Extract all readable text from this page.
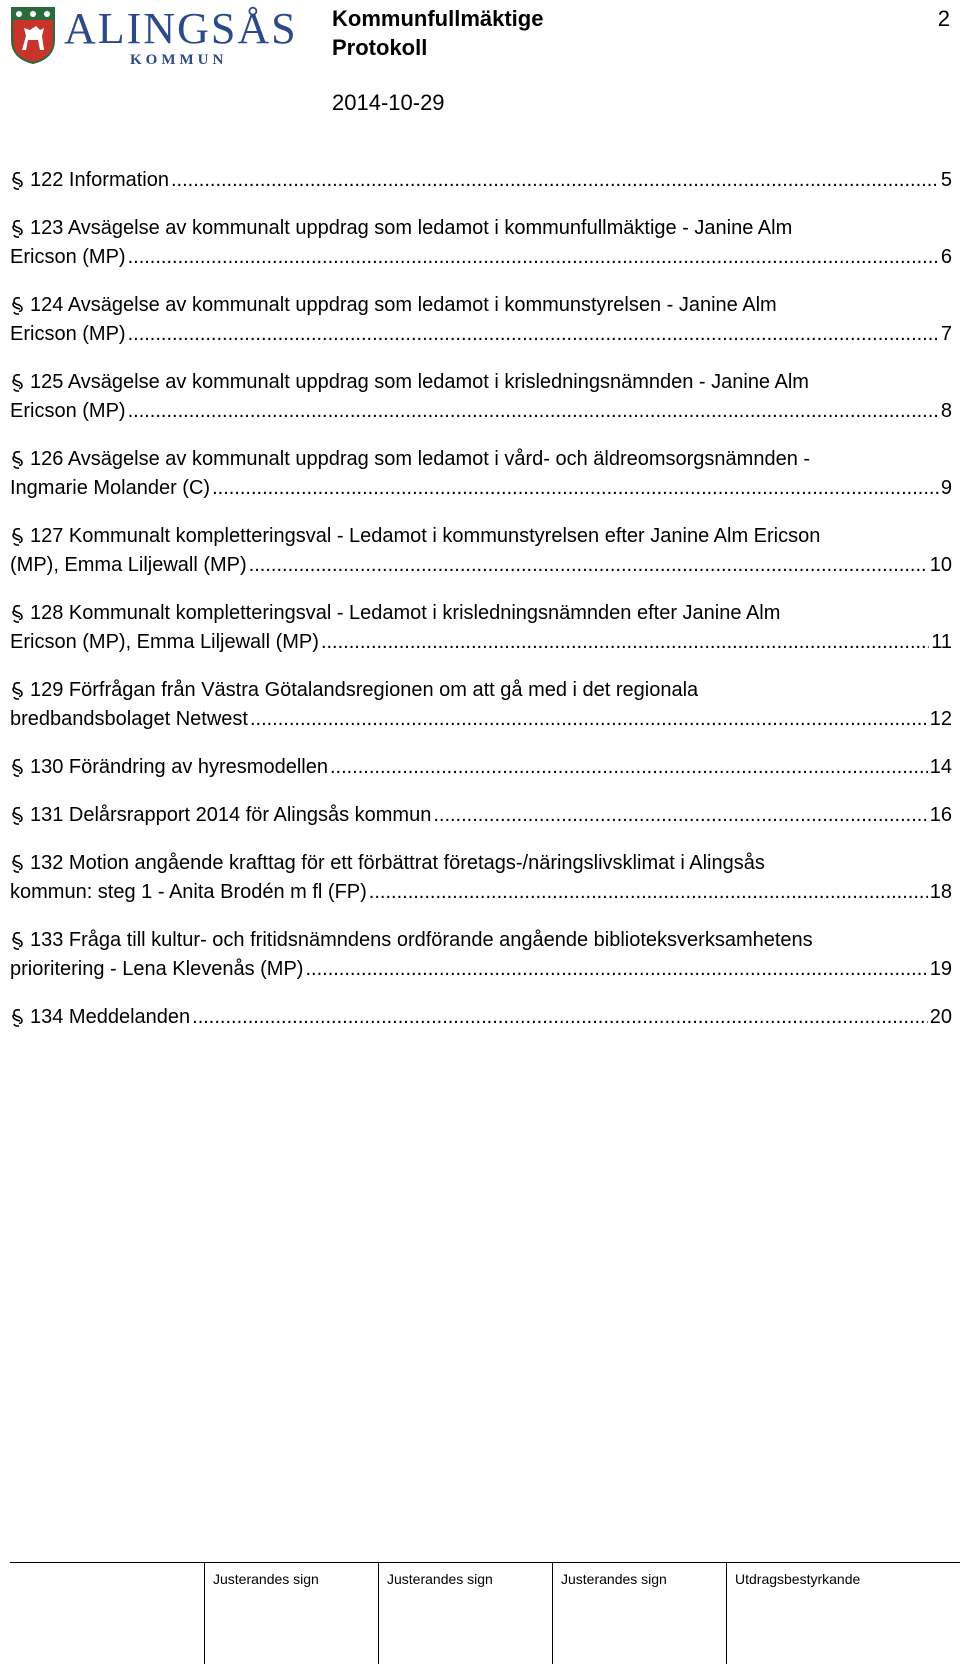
ALINGSÅS
KOMMUN
Kommunfullmäktige
Protokoll
2014-10-29
2
122 Information .....	5
123 Avsägelse av kommunalt uppdrag som ledamot i kommunfullmäktige - Janine Alm
Ericson (MP) .....	6
124 Avsägelse av kommunalt uppdrag som ledamot i kommunstyrelsen - Janine Alm
Ericson (MP) .....	7
125 Avsägelse av kommunalt uppdrag som ledamot i krisledningsnämnden - Janine Alm
Ericson (MP) .....	8
126 Avsägelse av kommunalt uppdrag som ledamot i vård- och äldreomsorgsnämnden -
Ingmarie Molander (C) .....	9
127 Kommunalt kompletteringsval - Ledamot i kommunstyrelsen efter Janine Alm Ericson
(MP), Emma Liljewall (MP) .....	10
128 Kommunalt kompletteringsval - Ledamot i krisledningsnämnden efter Janine Alm
Ericson (MP), Emma Liljewall (MP) .....	11
129 Förfrågan från Västra Götalandsregionen om att gå med i det regionala
bredbandsbolaget Netwest .....	12
130 Förändring av hyresmodellen .....	14
131 Delårsrapport 2014 för Alingsås kommun .....	16
132 Motion angående krafttag för ett förbättrat företags-/näringslivsklimat i Alingsås
kommun: steg 1 - Anita Brodén m fl (FP) .....	18
133 Fråga till kultur- och fritidsnämndens ordförande angående biblioteksverksamhetens
prioritering - Lena Klevenås (MP) .....	19
134 Meddelanden .....	20
Justerandes sign	Justerandes sign	Justerandes sign	Utdragsbestyrkande
